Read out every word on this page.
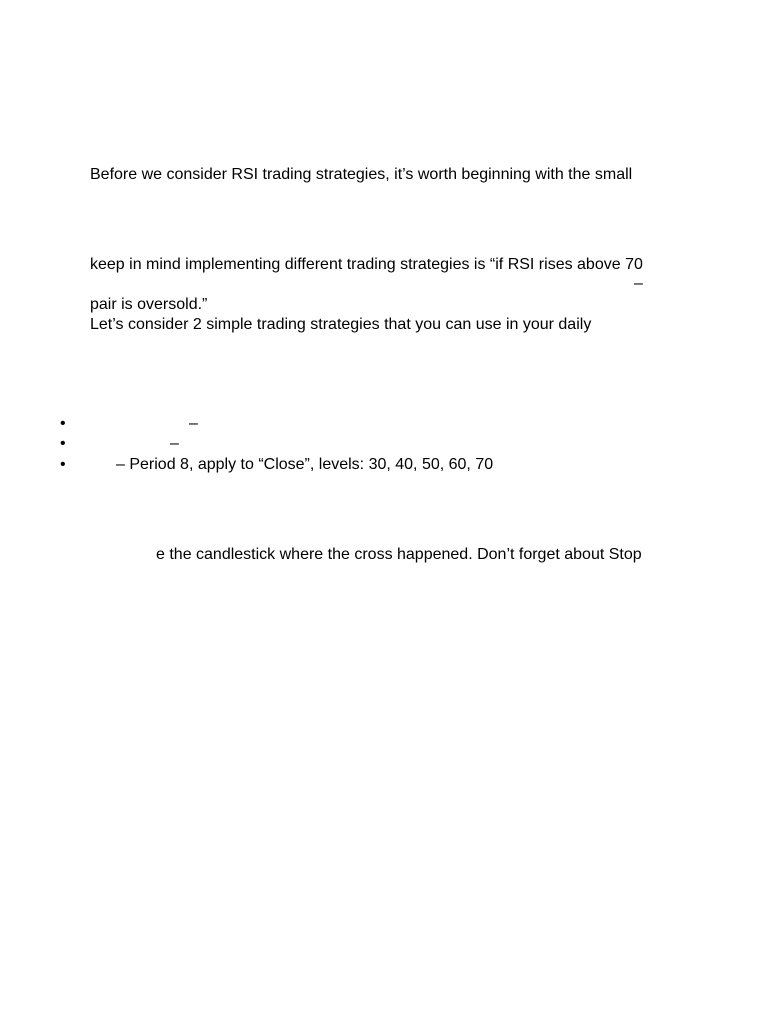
Before we consider RSI trading strategies, it’s worth beginning with the small
keep in mind implementing different trading strategies is “if RSI rises above 70
–
pair is oversold.”
Let’s consider 2 simple trading strategies that you can use in your daily
•	–
•	–
•	– Period 8, apply to “Close”, levels: 30, 40, 50, 60, 70
e the candlestick where the cross happened. Don’t forget about Stop
